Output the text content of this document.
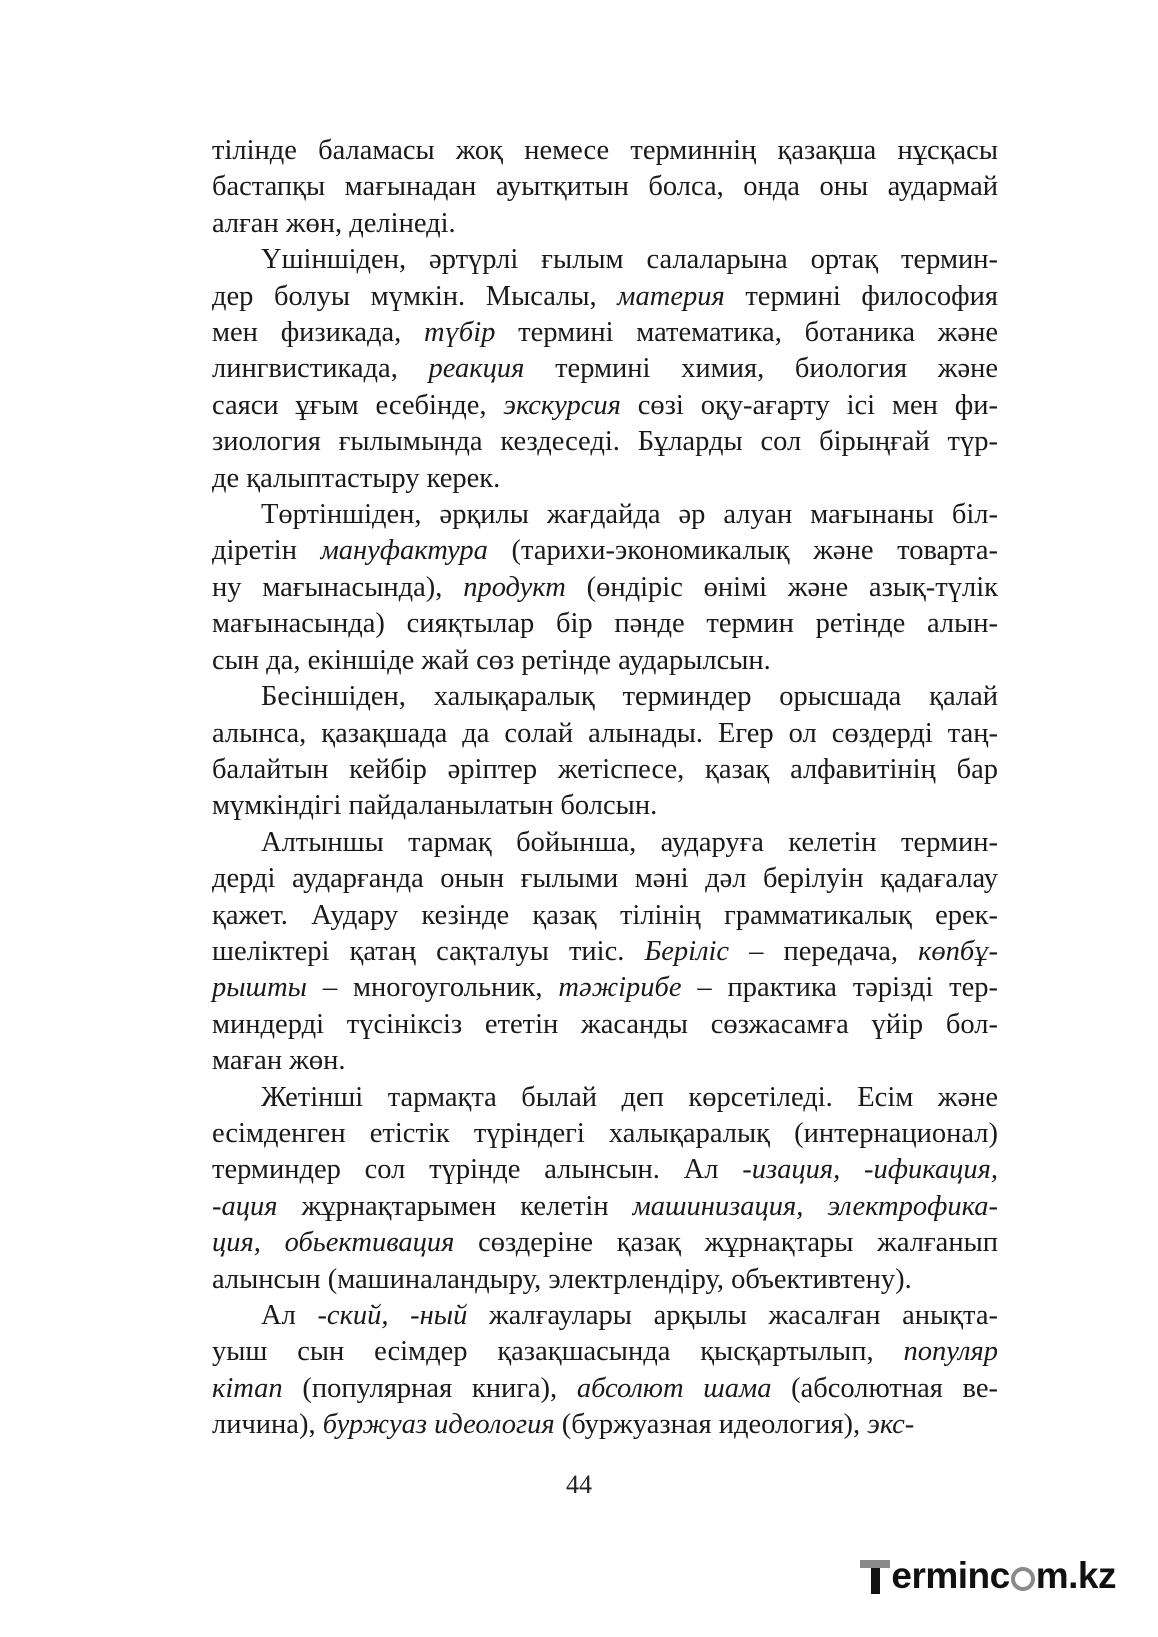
тілінде баламасы жоқ немесе терминнің қазақша нұсқасы
бастапқы мағынадан ауытқитын болса, онда оны аудармай
алған жөн, делінеді.

Үшіншіден, әртүрлі ғылым салаларына ортақ термин-
дер болуы мүмкін. Мысалы, материя термині философия
мен физикада, түбір термині математика, ботаника және
лингвистикада, реакция термині химия, биология және
саяси ұғым есебінде, экскурсия сөзі оқу-ағарту ісі мен фи-
зиология ғылымында кездеседі. Бұларды сол бірыңғай түр-
де қалыптастыру керек.

Төртіншіден, әрқилы жағдайда әр алуан мағынаны біл-
діретін мануфактура (тарихи-экономикалық және товарта-
ну мағынасында), продукт (өндіріс өнімі және азық-түлік
мағынасында) сияқтылар бір пәнде термин ретінде алын-
сын да, екіншіде жай сөз ретінде аударылсын.

Бесіншіден, халықаралық терминдер орысшада қалай
алынса, қазақшада да солай алынады. Егер ол сөздерді таң-
балайтын кейбір әріптер жетіспесе, қазақ алфавитінің бар
мүмкіндігі пайдаланылатын болсын.

Алтыншы тармақ бойынша, аударуға келетін термин-
дерді аударғанда онын ғылыми мәні дәл берілуін қадағалау
қажет. Аудару кезінде қазақ тілінің грамматикалық ерек-
шеліктері қатаң сақталуы тиіс. Беріліс – передача, көпбұ-
рышты – многоугольник, тәжірибе – практика тәрізді тер-
миндерді түсініксіз ететін жасанды сөзжасамға үйір бол-
маған жөн.

Жетінші тармақта былай деп көрсетіледі. Есім және
есімденген етістік түріндегі халықаралық (интернационал)
терминдер сол түрінде алынсын. Ал -изация, -ификация,
-ация жұрнақтарымен келетін машинизация, электрофика-
ция, обьективация сөздеріне қазақ жұрнақтары жалғанып
алынсын (машиналандыру, электрлендіру, объективтену).

Ал -ский, -ный жалғаулары арқылы жасалған анықта-
уыш сын есімдер қазақшасында қысқартылып, популяр
кітап (популярная книга), абсолют шама (абсолютная ве-
личина), буржуаз идеология (буржуазная идеология), экс-

44
ermin c m.kz
